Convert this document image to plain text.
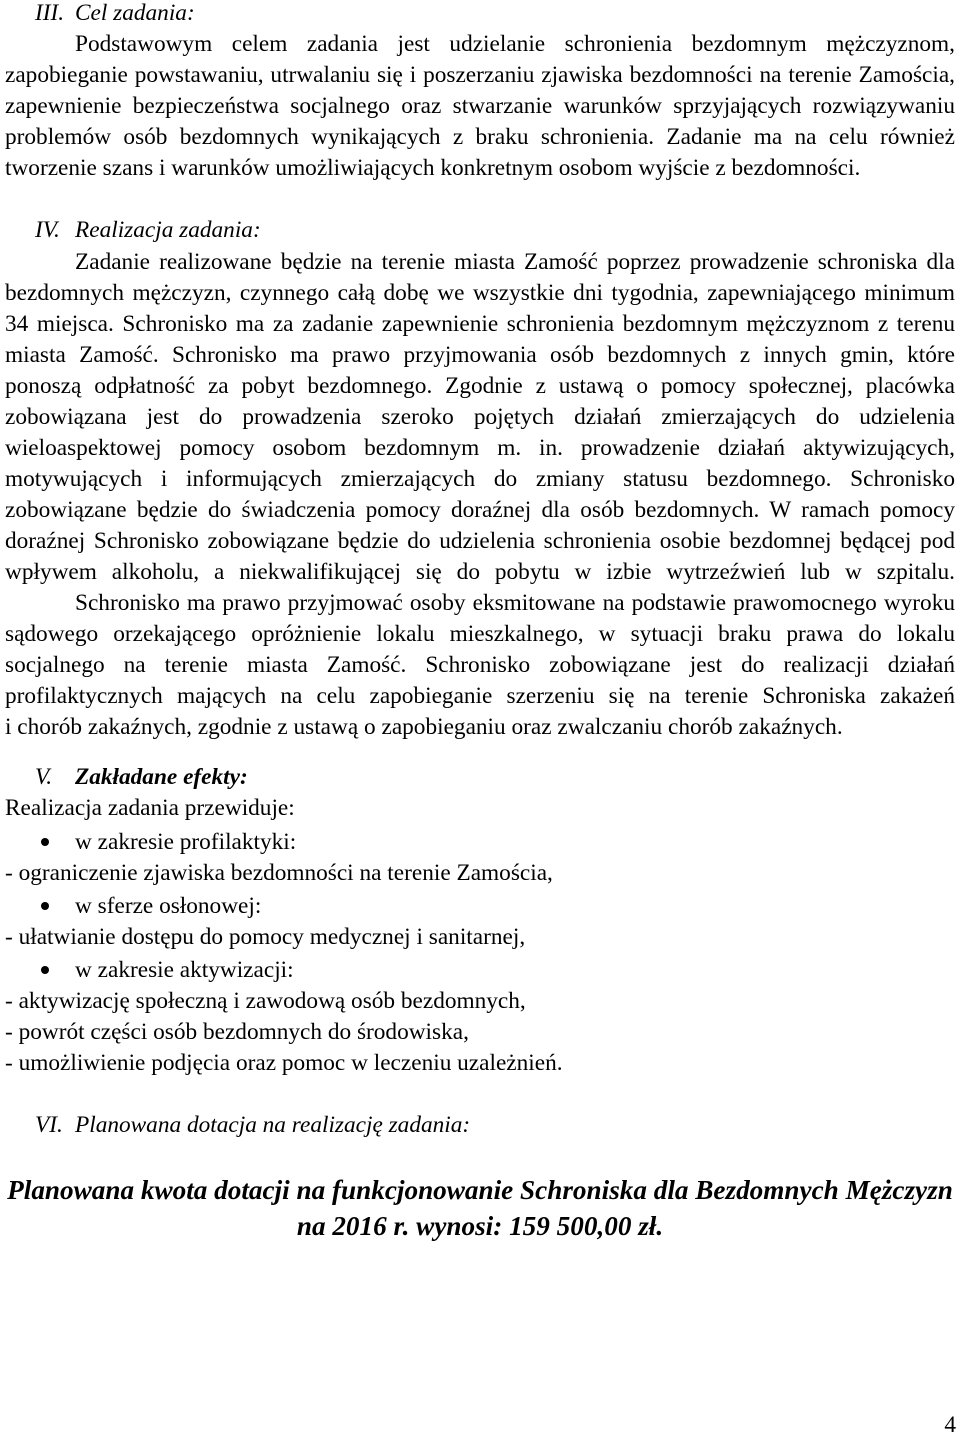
III. Cel zadania:
Podstawowym celem zadania jest udzielanie schronienia bezdomnym mężczyznom,
zapobieganie powstawaniu, utrwalaniu się i poszerzaniu zjawiska bezdomności na terenie Zamościa,
zapewnienie bezpieczeństwa socjalnego oraz stwarzanie warunków sprzyjających rozwiązywaniu
problemów osób bezdomnych wynikających z braku schronienia. Zadanie ma na celu również
tworzenie szans i warunków umożliwiających konkretnym osobom wyjście z bezdomności.
IV. Realizacja zadania:
Zadanie realizowane będzie na terenie miasta Zamość poprzez prowadzenie schroniska dla
bezdomnych mężczyzn, czynnego całą dobę we wszystkie dni tygodnia, zapewniającego minimum
34 miejsca. Schronisko ma za zadanie zapewnienie schronienia bezdomnym mężczyznom z terenu
miasta Zamość. Schronisko ma prawo przyjmowania osób bezdomnych z innych gmin, które
ponoszą odpłatność za pobyt bezdomnego. Zgodnie z ustawą o pomocy społecznej, placówka
zobowiązana jest do prowadzenia szeroko pojętych działań zmierzających do udzielenia
wieloaspektowej pomocy osobom bezdomnym m. in. prowadzenie działań aktywizujących,
motywujących i informujących zmierzających do zmiany statusu bezdomnego. Schronisko
zobowiązane będzie do świadczenia pomocy doraźnej dla osób bezdomnych. W ramach pomocy
doraźnej Schronisko zobowiązane będzie do udzielenia schronienia osobie bezdomnej będącej pod
wpływem alkoholu, a niekwalifikującej się do pobytu w izbie wytrzeźwień lub w szpitalu.
Schronisko ma prawo przyjmować osoby eksmitowane na podstawie prawomocnego wyroku
sądowego orzekającego opróżnienie lokalu mieszkalnego, w sytuacji braku prawa do lokalu
socjalnego na terenie miasta Zamość. Schronisko zobowiązane jest do realizacji działań
profilaktycznych mających na celu zapobieganie szerzeniu się na terenie Schroniska zakażeń
i chorób zakaźnych, zgodnie z ustawą o zapobieganiu oraz zwalczaniu chorób zakaźnych.
V. Zakładane efekty:
Realizacja zadania przewiduje:
w zakresie profilaktyki:
- ograniczenie zjawiska bezdomności na terenie Zamościa,
w sferze osłonowej:
- ułatwianie dostępu do pomocy medycznej i sanitarnej,
w zakresie aktywizacji:
- aktywizację społeczną i zawodową osób bezdomnych,
- powrót części osób bezdomnych do środowiska,
- umożliwienie podjęcia oraz pomoc w leczeniu uzależnień.
VI. Planowana dotacja na realizację zadania:
Planowana kwota dotacji na funkcjonowanie Schroniska dla Bezdomnych Mężczyzn
na 2016 r. wynosi: 159 500,00 zł.
4
